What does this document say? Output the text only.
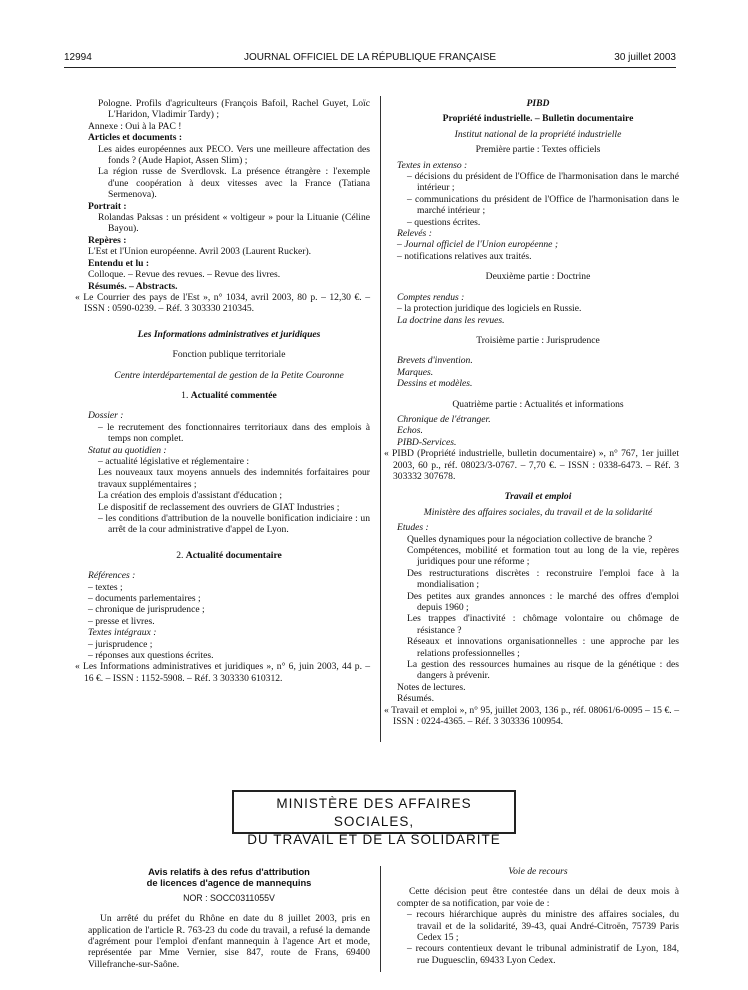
12994	JOURNAL OFFICIEL DE LA RÉPUBLIQUE FRANÇAISE	30 juillet 2003

Pologne. Profils d'agriculteurs (François Bafoil, Rachel Guyet, Loïc L'Haridon, Vladimir Tardy) ;

Annexe : Oui à la PAC !

Articles et documents :

Les aides européennes aux PECO. Vers une meilleure affectation des fonds ? (Aude Hapiot, Assen Slim) ;

La région russe de Sverdlovsk. La présence étrangère : l'exemple d'une coopération à deux vitesses avec la France (Tatiana Sermenova).

Portrait :

Rolandas Paksas : un président « voltigeur » pour la Lituanie (Céline Bayou).

Repères :

L'Est et l'Union européenne. Avril 2003 (Laurent Rucker).

Entendu et lu :

Colloque. – Revue des revues. – Revue des livres.

Résumés. – Abstracts.

« Le Courrier des pays de l'Est », n° 1034, avril 2003, 80 p. – 12,30 €. – ISSN : 0590-0239. – Réf. 3 303330 210345.

Les Informations administratives et juridiques

Fonction publique territoriale

Centre interdépartemental de gestion de la Petite Couronne

1. Actualité commentée

Dossier :

– le recrutement des fonctionnaires territoriaux dans des emplois à temps non complet.

Statut au quotidien :

– actualité législative et réglementaire :

Les nouveaux taux moyens annuels des indemnités forfaitaires pour travaux supplémentaires ;

La création des emplois d'assistant d'éducation ;

Le dispositif de reclassement des ouvriers de GIAT Industries ;

– les conditions d'attribution de la nouvelle bonification indiciaire : un arrêt de la cour administrative d'appel de Lyon.

2. Actualité documentaire

Références :

– textes ;

– documents parlementaires ;

– chronique de jurisprudence ;

– presse et livres.

Textes intégraux :

– jurisprudence ;

– réponses aux questions écrites.

« Les Informations administratives et juridiques », n° 6, juin 2003, 44 p. – 16 €. – ISSN : 1152-5908. – Réf. 3 303330 610312.

PIBD

Propriété industrielle. – Bulletin documentaire

Institut national de la propriété industrielle

Première partie : Textes officiels

Textes in extenso :

– décisions du président de l'Office de l'harmonisation dans le marché intérieur ;

– communications du président de l'Office de l'harmonisation dans le marché intérieur ;

– questions écrites.

Relevés :

– Journal officiel de l'Union européenne ;

– notifications relatives aux traités.

Deuxième partie : Doctrine

Comptes rendus :

– la protection juridique des logiciels en Russie.

La doctrine dans les revues.

Troisième partie : Jurisprudence

Brevets d'invention.

Marques.

Dessins et modèles.

Quatrième partie : Actualités et informations

Chronique de l'étranger.

Echos.

PIBD-Services.

« PIBD (Propriété industrielle, bulletin documentaire) », n° 767, 1er juillet 2003, 60 p., réf. 08023/3-0767. – 7,70 €. – ISSN : 0338-6473. – Réf. 3 303332 307678.

Travail et emploi

Ministère des affaires sociales, du travail et de la solidarité

Etudes :

Quelles dynamiques pour la négociation collective de branche ?

Compétences, mobilité et formation tout au long de la vie, repères juridiques pour une réforme ;

Des restructurations discrètes : reconstruire l'emploi face à la mondialisation ;

Des petites aux grandes annonces : le marché des offres d'emploi depuis 1960 ;

Les trappes d'inactivité : chômage volontaire ou chômage de résistance ?

Réseaux et innovations organisationnelles : une approche par les relations professionnelles ;

La gestion des ressources humaines au risque de la génétique : des dangers à prévenir.

Notes de lectures.

Résumés.

« Travail et emploi », n° 95, juillet 2003, 136 p., réf. 08061/6-0095 – 15 €. – ISSN : 0224-4365. – Réf. 3 303336 100954.

MINISTÈRE DES AFFAIRES SOCIALES,
DU TRAVAIL ET DE LA SOLIDARITÉ

Avis relatifs à des refus d'attribution

de licences d'agence de mannequins

NOR : SOCC0311055V

Un arrêté du préfet du Rhône en date du 8 juillet 2003, pris en application de l'article R. 763-23 du code du travail, a refusé la demande d'agrément pour l'emploi d'enfant mannequin à l'agence Art et mode, représentée par Mme Vernier, sise 847, route de Frans, 69400 Villefranche-sur-Saône.

Voie de recours

Cette décision peut être contestée dans un délai de deux mois à compter de sa notification, par voie de :

– recours hiérarchique auprès du ministre des affaires sociales, du travail et de la solidarité, 39-43, quai André-Citroën, 75739 Paris Cedex 15 ;

– recours contentieux devant le tribunal administratif de Lyon, 184, rue Duguesclin, 69433 Lyon Cedex.
